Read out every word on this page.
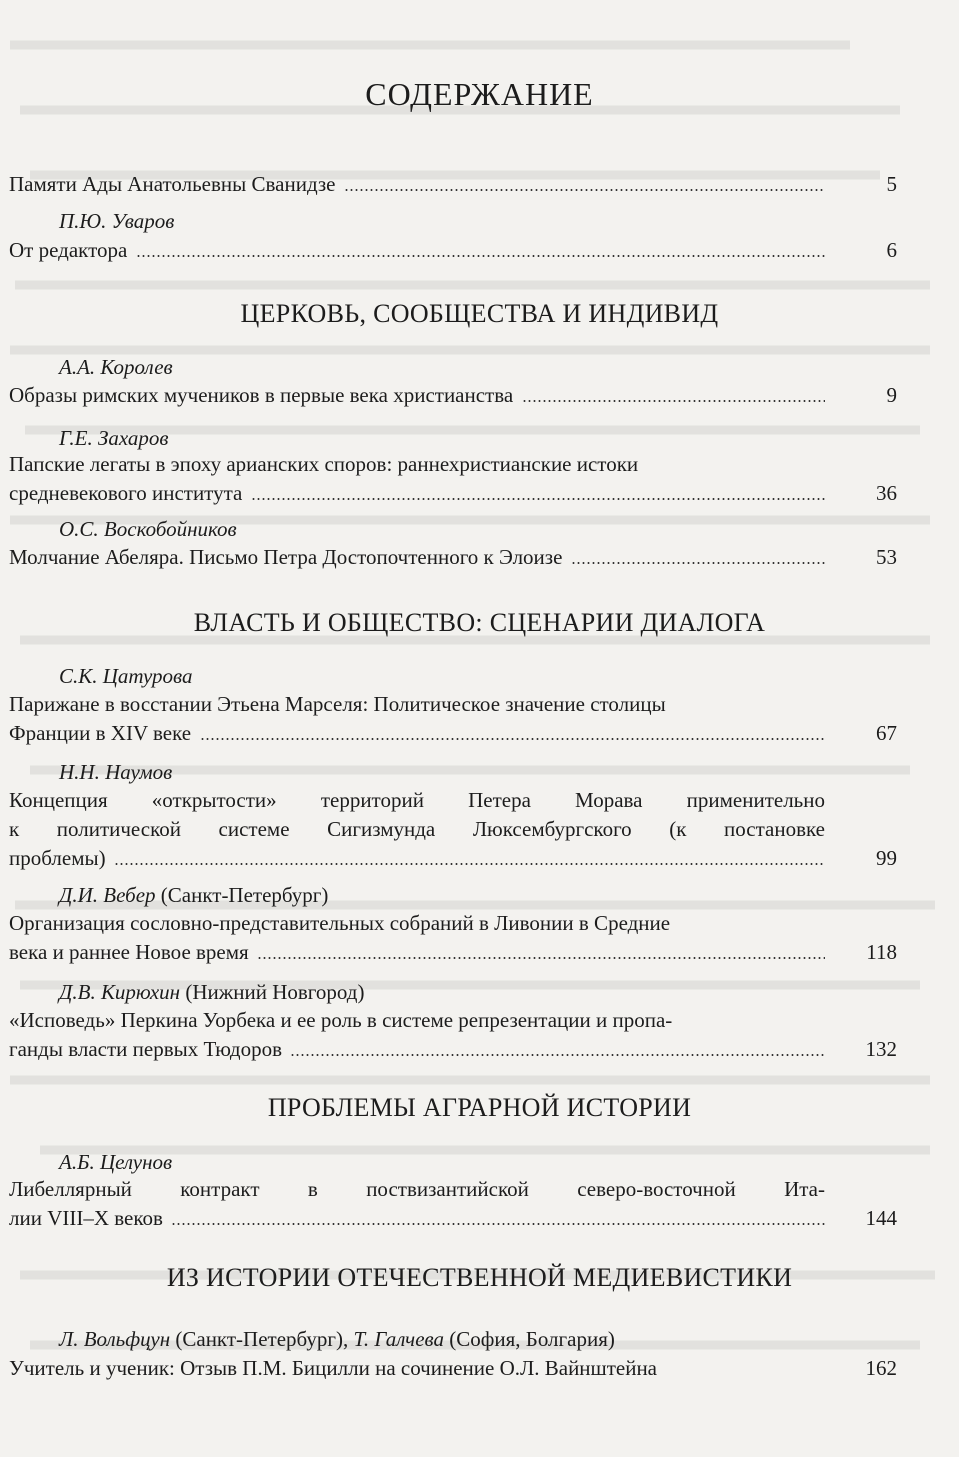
СОДЕРЖАНИЕ
Памяти Ады Анатольевны Сванидзе	5
П.Ю. Уваров
От редактора	6
ЦЕРКОВЬ, СООБЩЕСТВА И ИНДИВИД
А.А. Королев
Образы римских мучеников в первые века христианства	9
Г.Е. Захаров
Папские легаты в эпоху арианских споров: раннехристианские истоки
средневекового института	36
О.С. Воскобойников
Молчание Абеляра. Письмо Петра Достопочтенного к Элоизе	53
ВЛАСТЬ И ОБЩЕСТВО: СЦЕНАРИИ ДИАЛОГА
С.К. Цатурова
Парижане в восстании Этьена Марселя: Политическое значение столицы
Франции в XIV веке	67
Н.Н. Наумов
Концепция «открытости» территорий Петера Морава применительно
к политической системе Сигизмунда Люксембургского (к постановке
проблемы)	99
Д.И. Вебер (Санкт-Петербург)
Организация сословно-представительных собраний в Ливонии в Средние
века и раннее Новое время	118
Д.В. Кирюхин (Нижний Новгород)
«Исповедь» Перкина Уорбека и ее роль в системе репрезентации и пропа-
ганды власти первых Тюдоров	132
ПРОБЛЕМЫ АГРАРНОЙ ИСТОРИИ
А.Б. Целунов
Либеллярный контракт в поствизантийской северо-восточной Ита-
лии VIII–X веков	144
ИЗ ИСТОРИИ ОТЕЧЕСТВЕННОЙ МЕДИЕВИСТИКИ
Л. Вольфцун (Санкт-Петербург), Т. Галчева (София, Болгария)
Учитель и ученик: Отзыв П.М. Бицилли на сочинение О.Л. Вайнштейна	162
